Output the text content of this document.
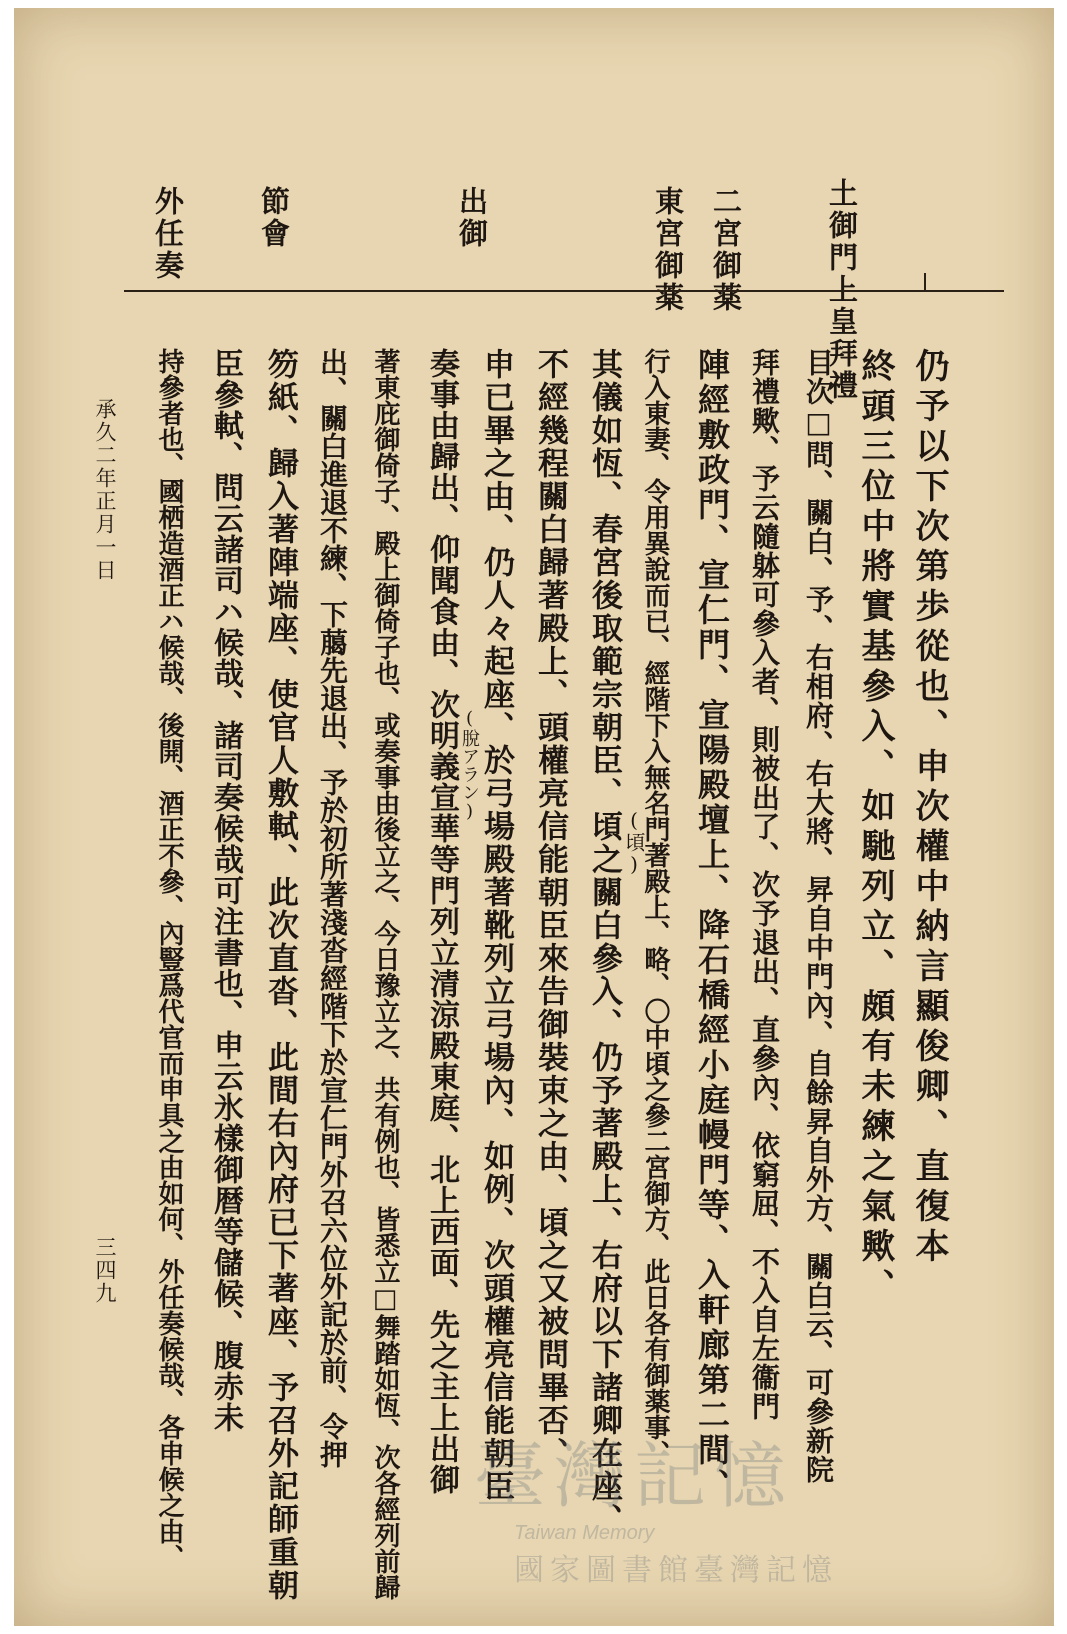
土御門上皇拜禮
二宮御薬
東宮御薬
出御
節會
外任奏
仍予以下次第歩從也、申次權中納言顯俊卿、直復本
終頭三位中將實基參入、如馳列立、頗有未練之氣歟、
目次□問、關白、予、右相府、右大將、昇自中門內、自餘昇自外方、關白云、可參新院
拜禮歟、予云隨躰可參入者、則被出了、次予退出、直參內、依窮屈、不入自左衞門
陣經敷政門、宣仁門、宣陽殿壇上、降石橋經小庭幔門等、入軒廊第二間、
行入東妻、令用異說而已、經階下入無名門著殿上、略、〇中頃之參二宮御方、此日各有御薬事、
其儀如恆、春宮後取範宗朝臣、頃之關白參入、仍予著殿上、右府以下諸卿在座、
不經幾程關白歸著殿上、頭權亮信能朝臣來告御裝束之由、頃之又被問畢否、
申已畢之由、仍人々起座、於弓場殿著靴列立弓場內、如例、次頭權亮信能朝臣
奏事由歸出、仰聞食由、次明義宣華等門列立清涼殿東庭、北上西面、先之主上出御
著東庇御倚子、殿上御倚子也、或奏事由後立之、今日豫立之、共有例也、皆悉立□舞踏如恆、次各經列前歸
出、關白進退不練、下﨟先退出、予於初所著淺沓經階下於宣仁門外召六位外記於前、令押
笏紙、歸入著陣端座、使官人敷軾、此次直沓、此間右內府已下著座、予召外記師重朝
臣參軾、問云諸司ハ候哉、諸司奏候哉可注書也、申云氷樣御暦等儲候、腹赤未
持參者也、國栖造酒正ハ候哉、後開、酒正不參、內豎爲代官而申具之由如何、外任奏候哉、各申候之由、	(頃)
(脫アラン)
承久二年正月一日
三四九
臺灣記憶
Taiwan Memory
國家圖書館臺灣記憶
